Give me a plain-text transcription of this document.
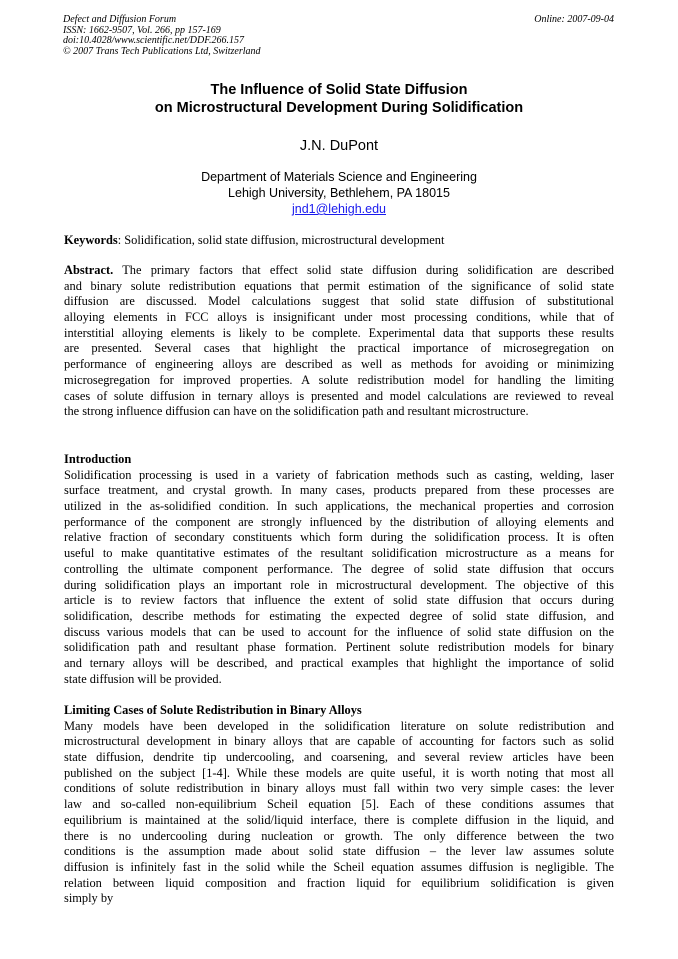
Defect and Diffusion Forum
ISSN: 1662-9507, Vol. 266, pp 157-169
doi:10.4028/www.scientific.net/DDF.266.157
© 2007 Trans Tech Publications Ltd, Switzerland
Online: 2007-09-04
The Influence of Solid State Diffusion
on Microstructural Development During Solidification
J.N. DuPont
Department of Materials Science and Engineering
Lehigh University, Bethlehem, PA 18015
jnd1@lehigh.edu
Keywords: Solidification, solid state diffusion, microstructural development
Abstract. The primary factors that effect solid state diffusion during solidification are described
and binary solute redistribution equations that permit estimation of the significance of solid state
diffusion are discussed. Model calculations suggest that solid state diffusion of substitutional
alloying elements in FCC alloys is insignificant under most processing conditions, while that of
interstitial alloying elements is likely to be complete. Experimental data that supports these results
are presented. Several cases that highlight the practical importance of microsegregation on
performance of engineering alloys are described as well as methods for avoiding or minimizing
microsegregation for improved properties. A solute redistribution model for handling the limiting
cases of solute diffusion in ternary alloys is presented and model calculations are reviewed to reveal
the strong influence diffusion can have on the solidification path and resultant microstructure.
Introduction
Solidification processing is used in a variety of fabrication methods such as casting, welding, laser
surface treatment, and crystal growth. In many cases, products prepared from these processes are
utilized in the as-solidified condition. In such applications, the mechanical properties and corrosion
performance of the component are strongly influenced by the distribution of alloying elements and
relative fraction of secondary constituents which form during the solidification process. It is often
useful to make quantitative estimates of the resultant solidification microstructure as a means for
controlling the ultimate component performance. The degree of solid state diffusion that occurs
during solidification plays an important role in microstructural development. The objective of this
article is to review factors that influence the extent of solid state diffusion that occurs during
solidification, describe methods for estimating the expected degree of solid state diffusion, and
discuss various models that can be used to account for the influence of solid state diffusion on the
solidification path and resultant phase formation. Pertinent solute redistribution models for binary
and ternary alloys will be described, and practical examples that highlight the importance of solid
state diffusion will be provided.
Limiting Cases of Solute Redistribution in Binary Alloys
Many models have been developed in the solidification literature on solute redistribution and
microstructural development in binary alloys that are capable of accounting for factors such as solid
state diffusion, dendrite tip undercooling, and coarsening, and several review articles have been
published on the subject [1-4]. While these models are quite useful, it is worth noting that most all
conditions of solute redistribution in binary alloys must fall within two very simple cases: the lever
law and so-called non-equilibrium Scheil equation [5]. Each of these conditions assumes that
equilibrium is maintained at the solid/liquid interface, there is complete diffusion in the liquid, and
there is no undercooling during nucleation or growth. The only difference between the two
conditions is the assumption made about solid state diffusion – the lever law assumes solute
diffusion is infinitely fast in the solid while the Scheil equation assumes diffusion is negligible. The
relation between liquid composition and fraction liquid for equilibrium solidification is given
simply by
